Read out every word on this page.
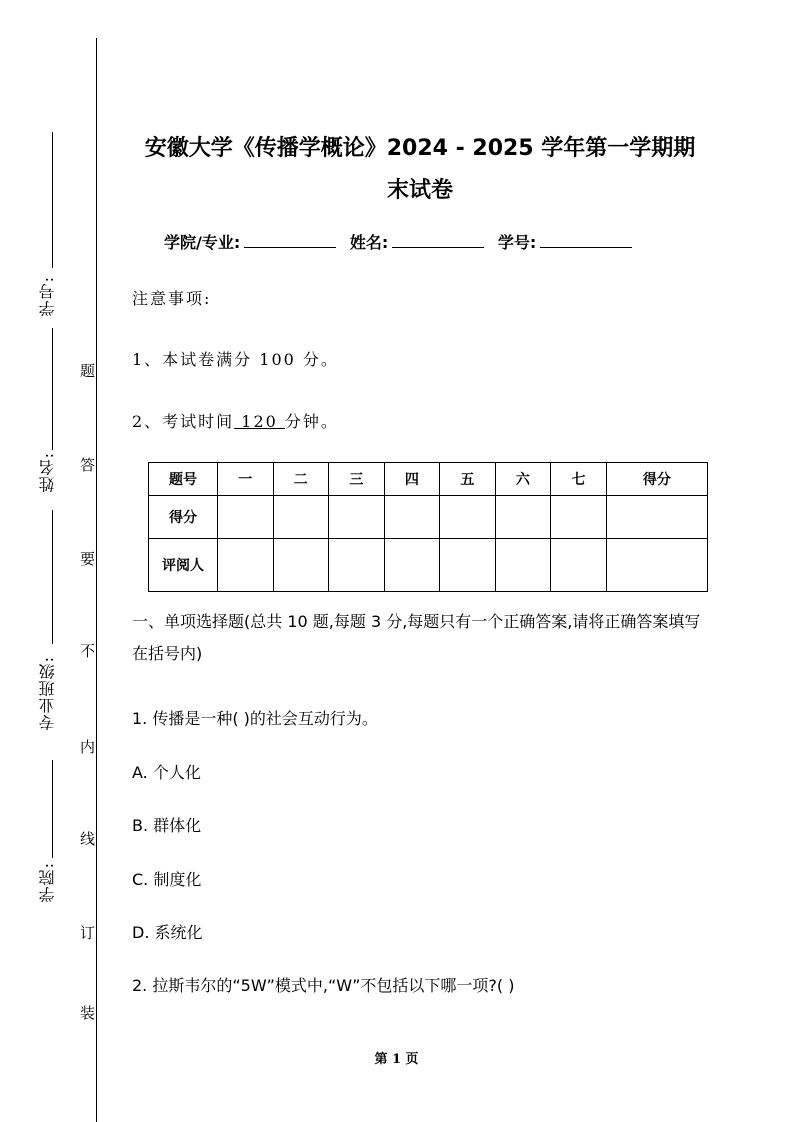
学号:
姓名:
专业班级:
学院:
题
答
要
不
内
线
订
装
安徽大学《传播学概论》2024 - 2025 学年第一学期期
末试卷
学院/专业:	姓名:	学号:
注意事项:
1、本试卷满分 100 分。
2、考试时间 120 分钟。
题号	一	二	三	四	五	六	七	得分
得分								
评阅人								
一、单项选择题(总共 10 题,每题 3 分,每题只有一个正确答案,请将正确答案填写在括号内)
1. 传播是一种( )的社会互动行为。
A. 个人化
B. 群体化
C. 制度化
D. 系统化
2. 拉斯韦尔的“5W”模式中,“W”不包括以下哪一项?( )
第 1 页
